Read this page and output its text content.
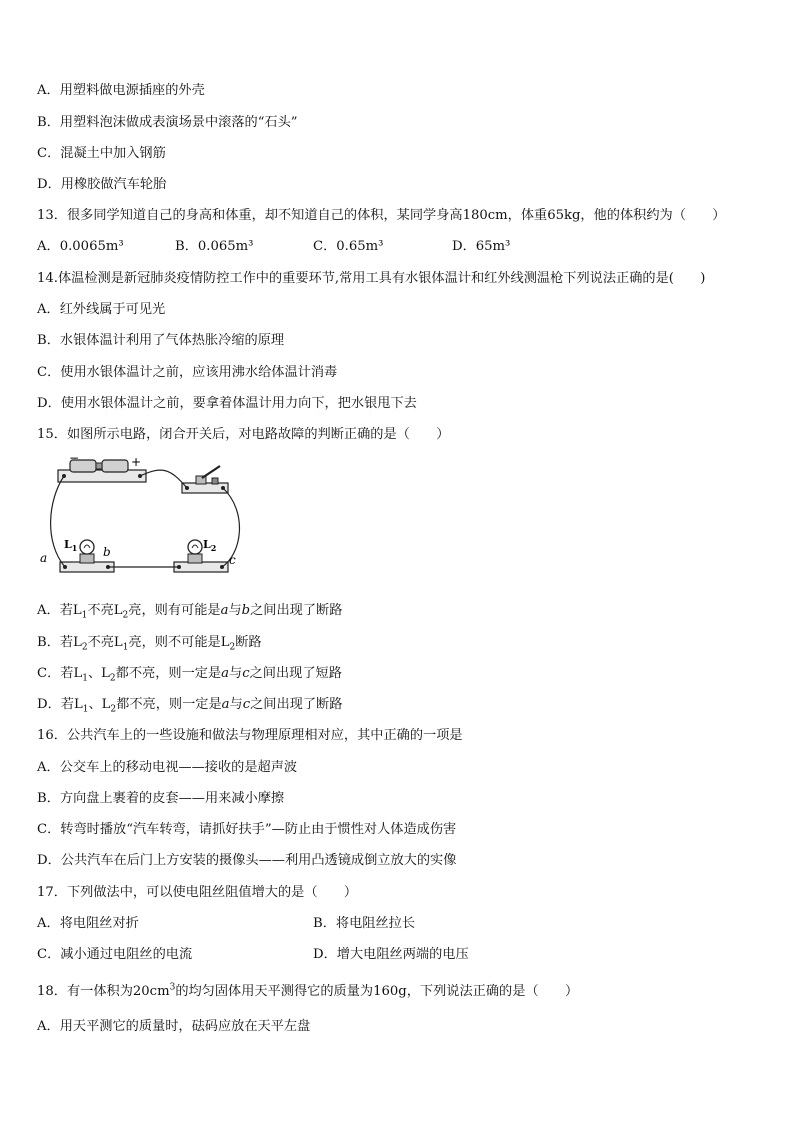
A．用塑料做电源插座的外壳
B．用塑料泡沫做成表演场景中滚落的“石头”
C．混凝土中加入钢筋
D．用橡胶做汽车轮胎
13．很多同学知道自己的身高和体重，却不知道自己的体积，某同学身高180cm，体重65kg，他的体积约为（　　）
A．0.0065m³	B．0.065m³	C．0.65m³	D．65m³
14.体温检测是新冠肺炎疫情防控工作中的重要环节,常用工具有水银体温计和红外线测温枪下列说法正确的是(　　)
A．红外线属于可见光
B．水银体温计利用了气体热胀冷缩的原理
C．使用水银体温计之前，应该用沸水给体温计消毒
D．使用水银体温计之前，要拿着体温计用力向下，把水银甩下去
15．如图所示电路，闭合开关后，对电路故障的判断正确的是（　　）
−	+
$L_1$	$L_2$
a	b
c
A．若$L_1$不亮$L_2$亮，则有可能是a与b之间出现了断路
B．若$L_2$不亮$L_1$亮，则不可能是$L_2$断路
C．若$L_1$、$L_2$都不亮，则一定是a与c之间出现了短路
D．若$L_1$、$L_2$都不亮，则一定是a与c之间出现了断路
16．公共汽车上的一些设施和做法与物理原理相对应，其中正确的一项是
A．公交车上的移动电视——接收的是超声波
B．方向盘上裹着的皮套——用来减小摩擦
C．转弯时播放“汽车转弯，请抓好扶手”—防止由于惯性对人体造成伤害
D．公共汽车在后门上方安装的摄像头——利用凸透镜成倒立放大的实像
17．下列做法中，可以使电阻丝阻值增大的是（　　）
A．将电阻丝对折	B．将电阻丝拉长
C．减小通过电阻丝的电流	D．增大电阻丝两端的电压
18．有一体积为$20cm^3$的均匀固体用天平测得它的质量为160g，下列说法正确的是（　　）
A．用天平测它的质量时，砝码应放在天平左盘
